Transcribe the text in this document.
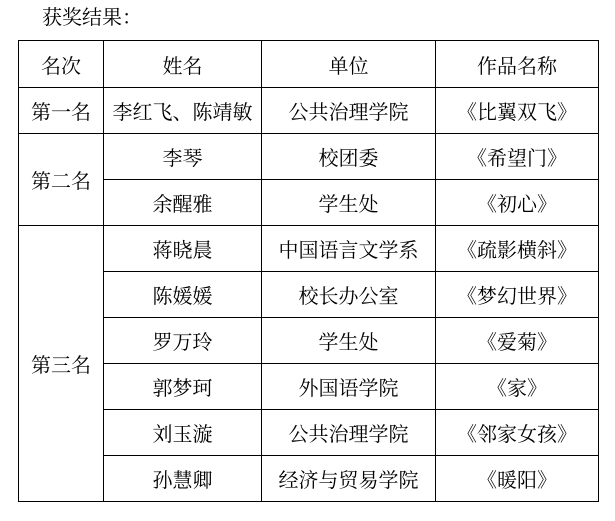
获奖结果：
名次	姓名	单位	作品名称
第一名	李红飞、陈靖敏	公共治理学院	《比翼双飞》
第二名	李琴	校团委	《希望门》
	余醒雅	学生处	《初心》
第三名	蒋晓晨	中国语言文学系	《疏影横斜》
	陈媛媛	校长办公室	《梦幻世界》
	罗万玲	学生处	《爱菊》
	郭梦珂	外国语学院	《家》
	刘玉漩	公共治理学院	《邻家女孩》
	孙慧卿	经济与贸易学院	《暖阳》
